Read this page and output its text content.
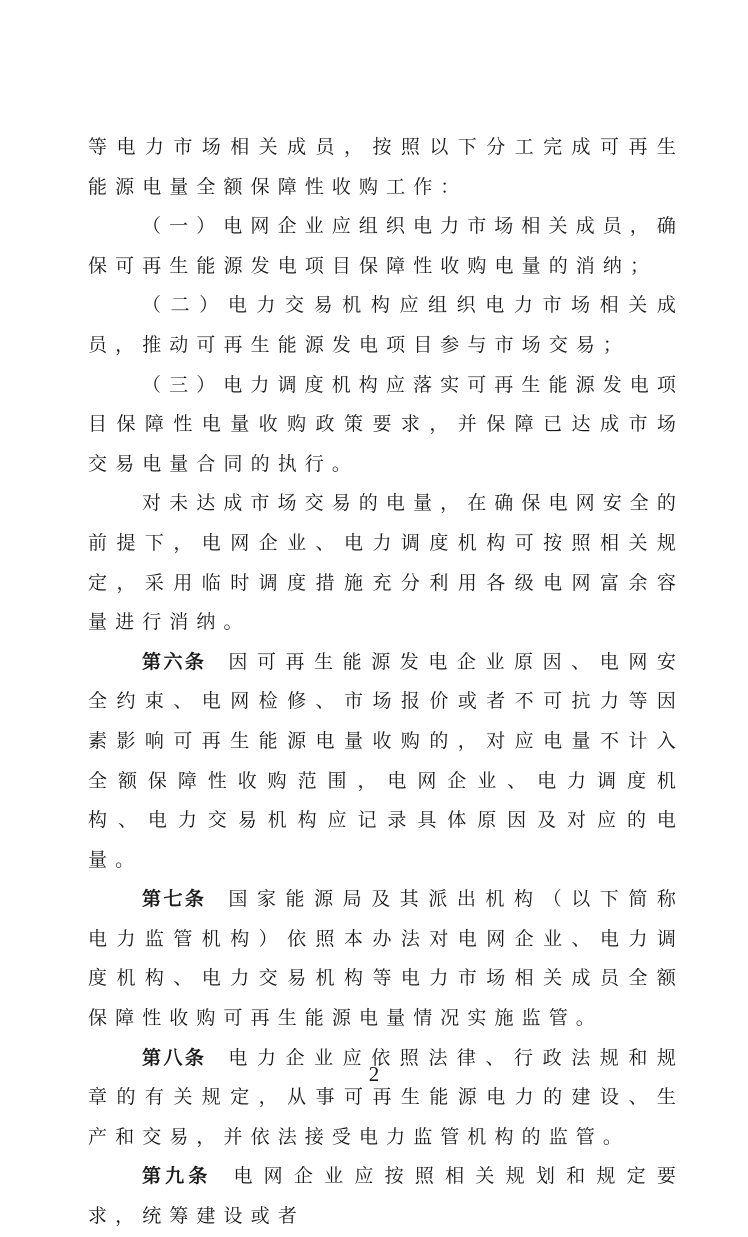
等电力市场相关成员，按照以下分工完成可再生能源电量全额保障性收购工作：

（一）电网企业应组织电力市场相关成员，确保可再生能源发电项目保障性收购电量的消纳；

（二）电力交易机构应组织电力市场相关成员，推动可再生能源发电项目参与市场交易；

（三）电力调度机构应落实可再生能源发电项目保障性电量收购政策要求，并保障已达成市场交易电量合同的执行。

对未达成市场交易的电量，在确保电网安全的前提下，电网企业、电力调度机构可按照相关规定，采用临时调度措施充分利用各级电网富余容量进行消纳。

第六条 因可再生能源发电企业原因、电网安全约束、电网检修、市场报价或者不可抗力等因素影响可再生能源电量收购的，对应电量不计入全额保障性收购范围，电网企业、电力调度机构、电力交易机构应记录具体原因及对应的电量。

第七条 国家能源局及其派出机构（以下简称电力监管机构）依照本办法对电网企业、电力调度机构、电力交易机构等电力市场相关成员全额保障性收购可再生能源电量情况实施监管。

第八条 电力企业应依照法律、行政法规和规章的有关规定，从事可再生能源电力的建设、生产和交易，并依法接受电力监管机构的监管。

第九条 电网企业应按照相关规划和规定要求，统筹建设或者

2
